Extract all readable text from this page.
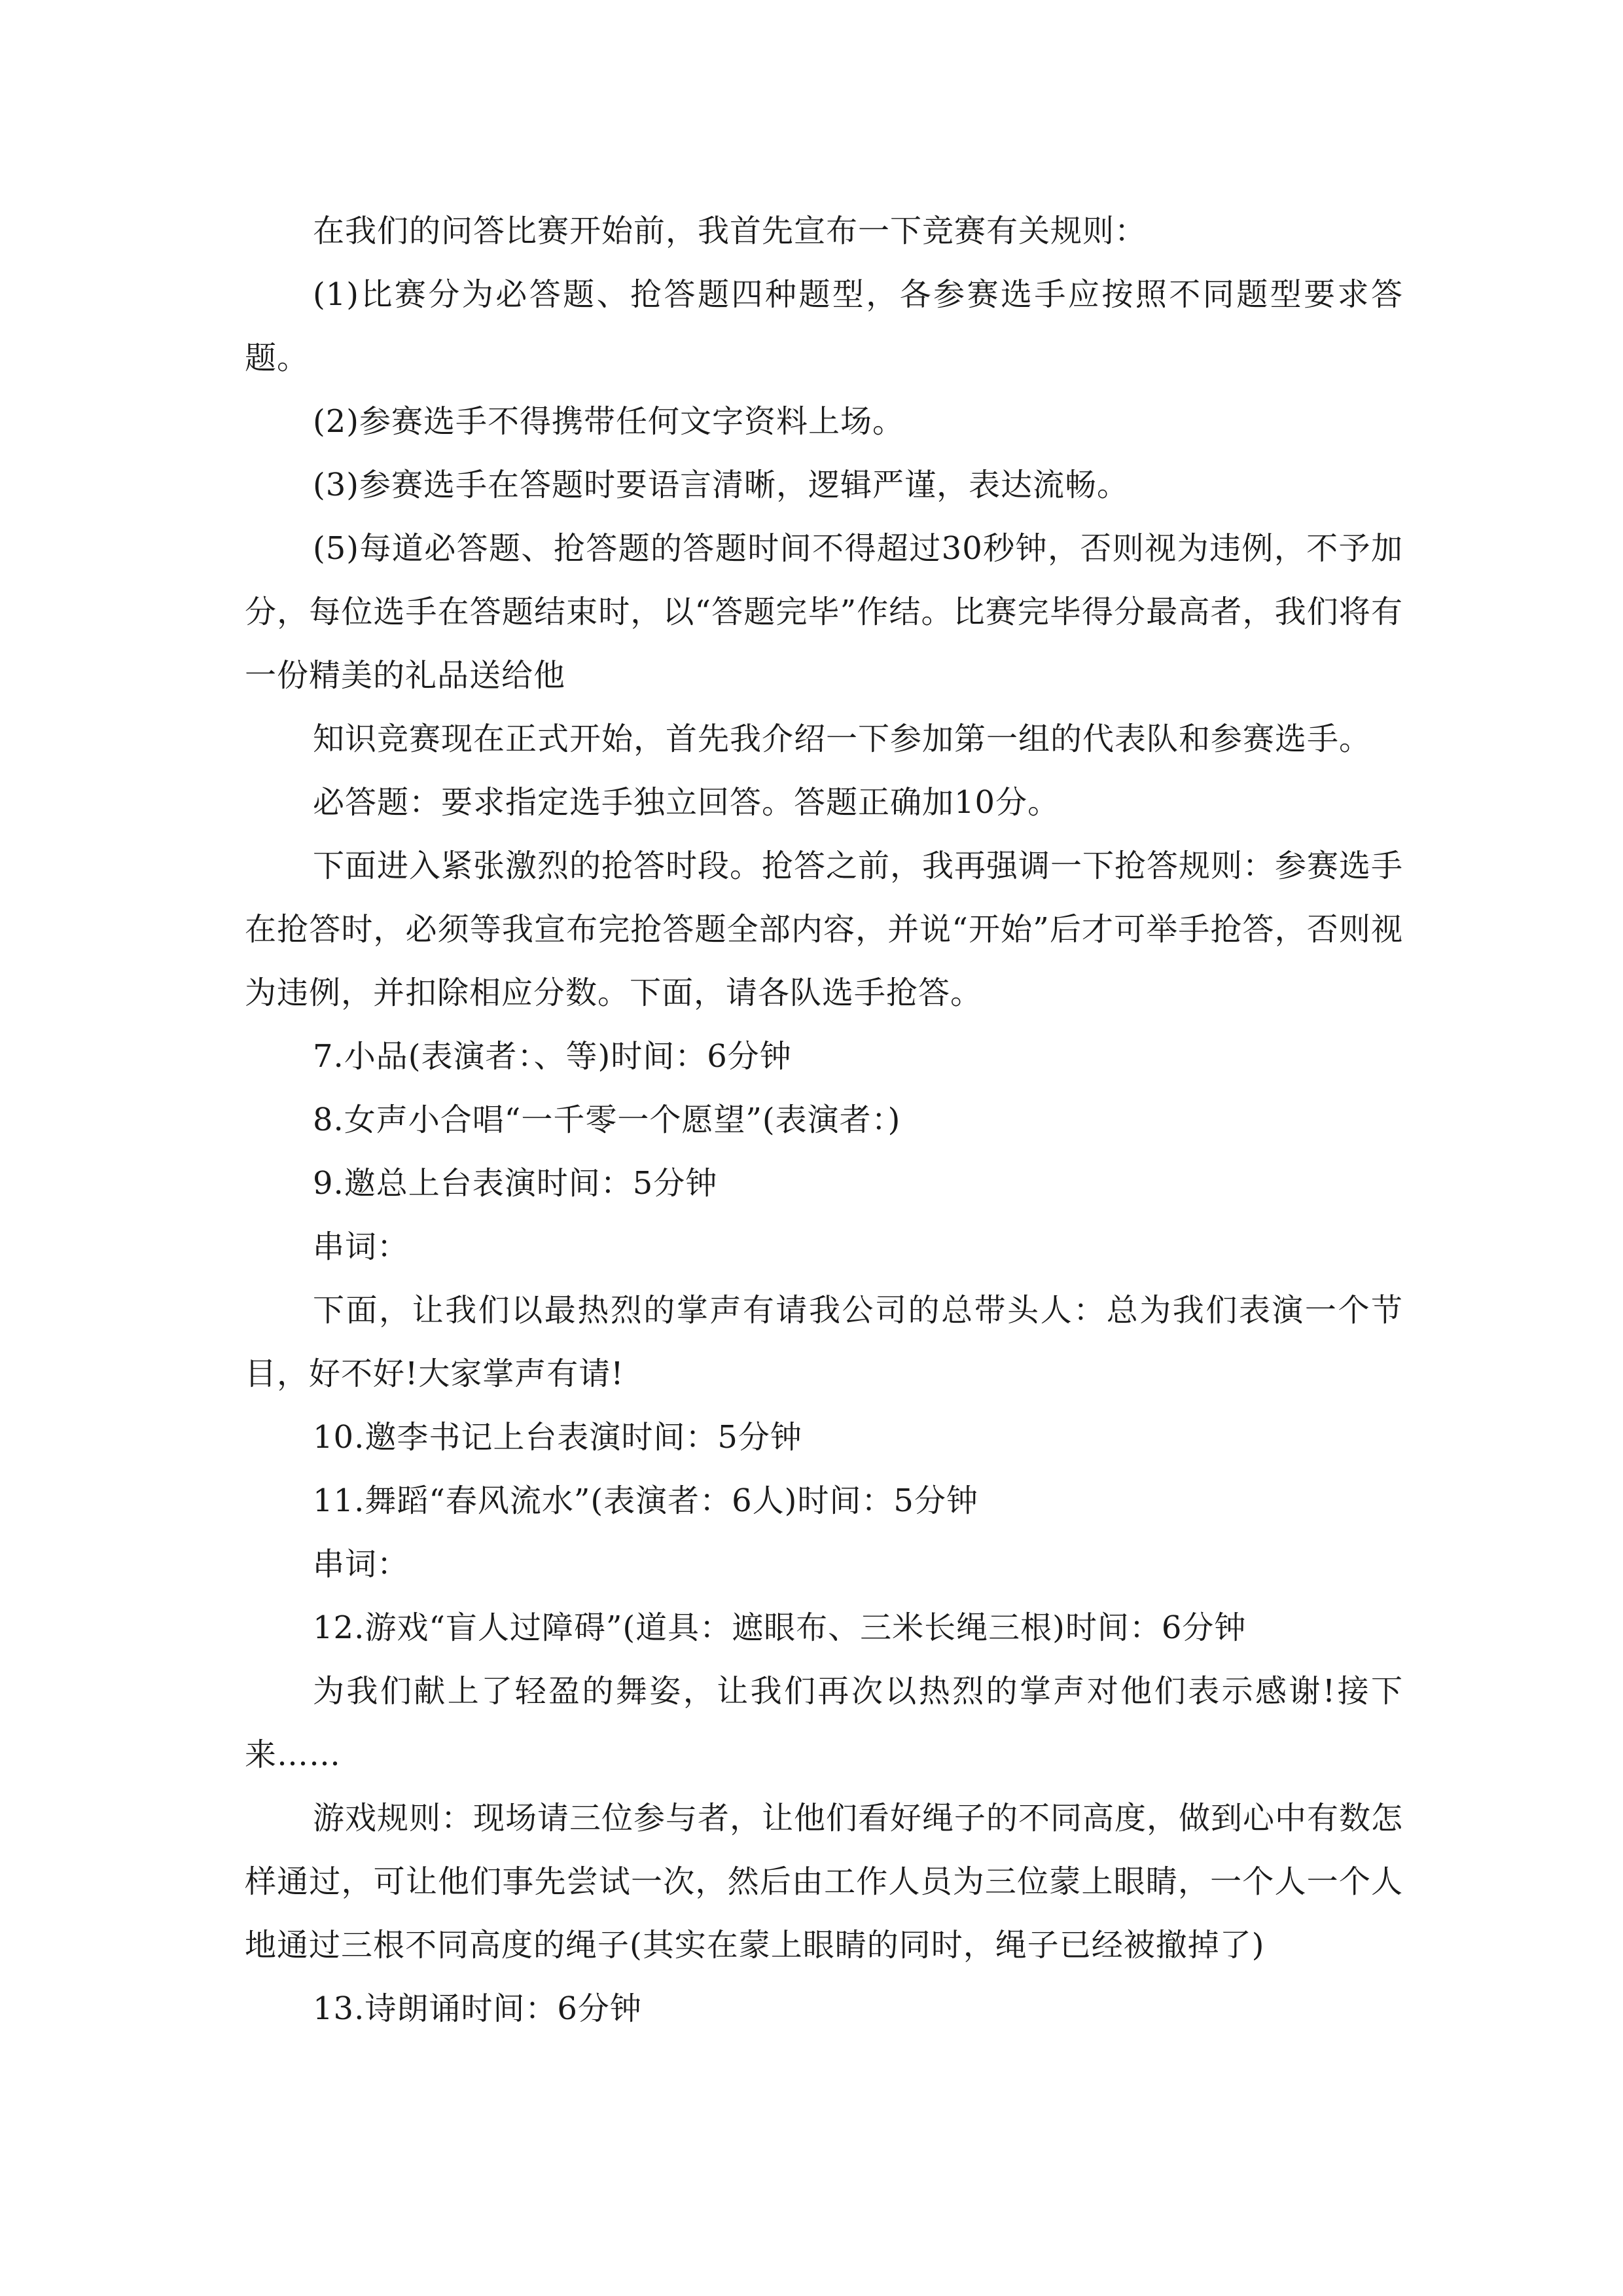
在我们的问答比赛开始前，我首先宣布一下竞赛有关规则：

(1)比赛分为必答题、抢答题四种题型，各参赛选手应按照不同题型要求答题。

(2)参赛选手不得携带任何文字资料上场。

(3)参赛选手在答题时要语言清晰，逻辑严谨，表达流畅。

(5)每道必答题、抢答题的答题时间不得超过30秒钟，否则视为违例，不予加分，每位选手在答题结束时，以“答题完毕”作结。比赛完毕得分最高者，我们将有一份精美的礼品送给他

知识竞赛现在正式开始，首先我介绍一下参加第一组的代表队和参赛选手。

必答题：要求指定选手独立回答。答题正确加10分。

下面进入紧张激烈的抢答时段。抢答之前，我再强调一下抢答规则：参赛选手在抢答时，必须等我宣布完抢答题全部内容，并说“开始”后才可举手抢答，否则视为违例，并扣除相应分数。下面，请各队选手抢答。

7.小品(表演者：、等)时间：6分钟

8.女声小合唱“一千零一个愿望”(表演者：)

9.邀总上台表演时间：5分钟

串词：

下面，让我们以最热烈的掌声有请我公司的总带头人：总为我们表演一个节目，好不好!大家掌声有请!

10.邀李书记上台表演时间：5分钟

11.舞蹈“春风流水”(表演者：6人)时间：5分钟

串词：

12.游戏“盲人过障碍”(道具：遮眼布、三米长绳三根)时间：6分钟

为我们献上了轻盈的舞姿，让我们再次以热烈的掌声对他们表示感谢!接下来……

游戏规则：现场请三位参与者，让他们看好绳子的不同高度，做到心中有数怎样通过，可让他们事先尝试一次，然后由工作人员为三位蒙上眼睛，一个人一个人地通过三根不同高度的绳子(其实在蒙上眼睛的同时，绳子已经被撤掉了)

13.诗朗诵时间：6分钟
